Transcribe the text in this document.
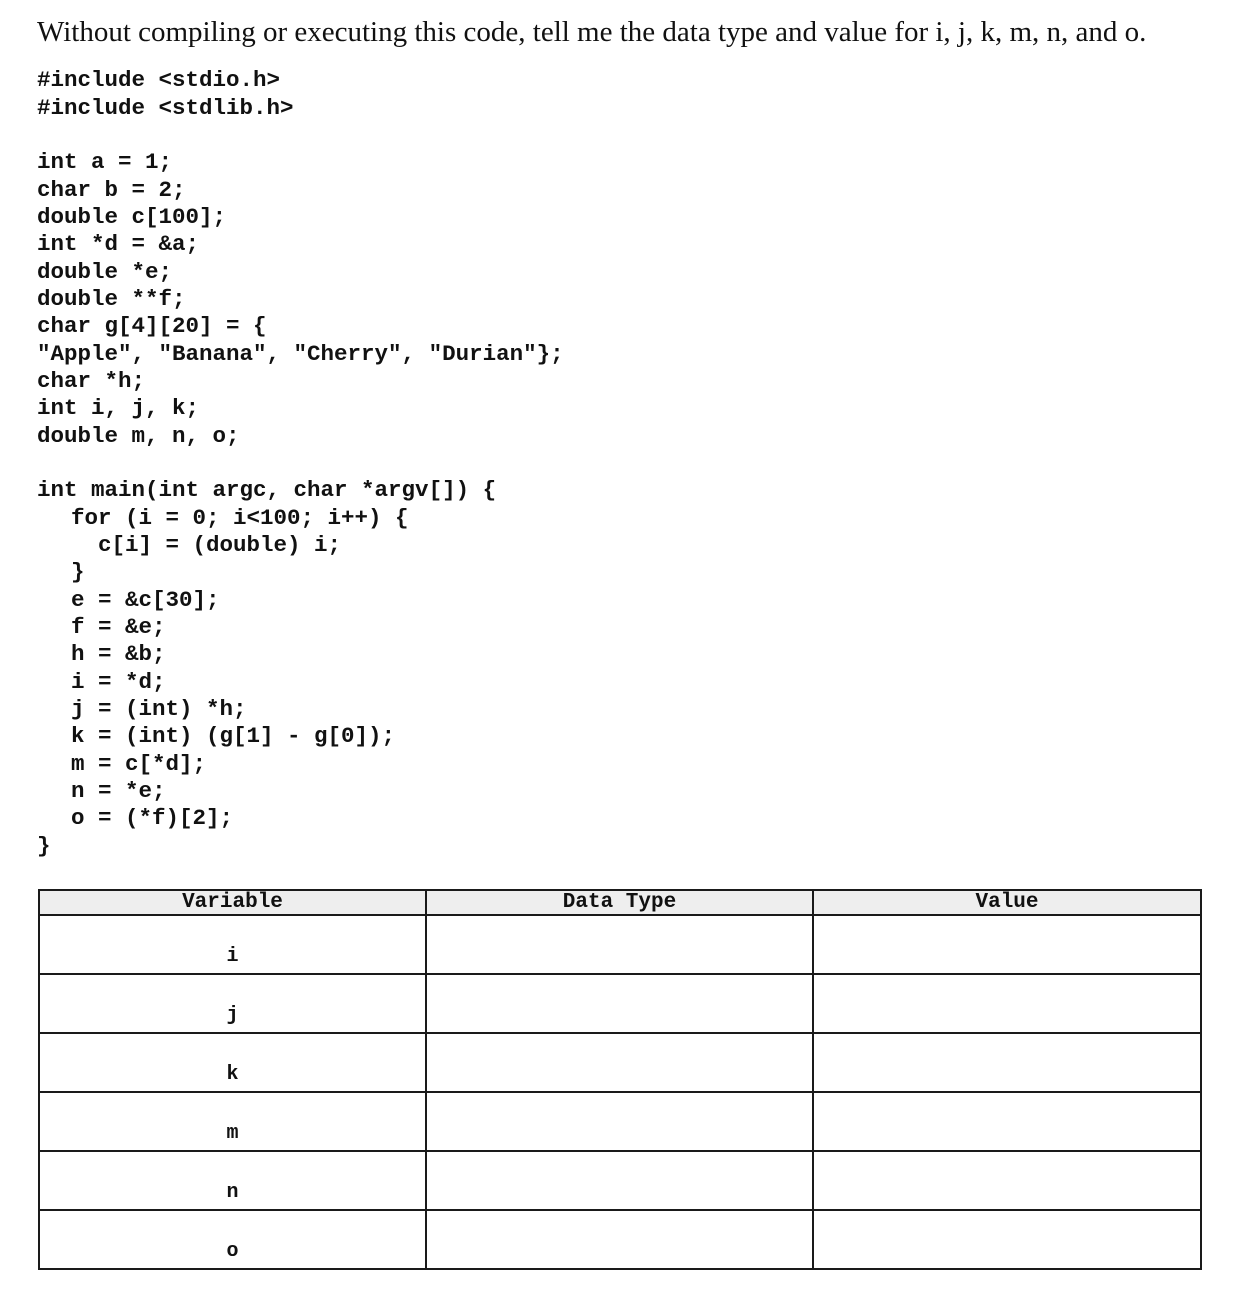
Without compiling or executing this code, tell me the data type and value for i, j, k, m, n, and o.
#include <stdio.h>
#include <stdlib.h>
int a = 1;
char b = 2;
double c[100];
int *d = &a;
double *e;
double **f;
char g[4][20] = {
"Apple", "Banana", "Cherry", "Durian"};
char *h;
int i, j, k;
double m, n, o;
int main(int argc, char *argv[]) {
for (i = 0; i<100; i++) {
c[i] = (double) i;
}
e = &c[30];
f = &e;
h = &b;
i = *d;
j = (int) *h;
k = (int) (g[1] - g[0]);
m = c[*d];
n = *e;
o = (*f)[2];
}
Variable	Data Type	Value
i		
j		
k		
m		
n		
o		
